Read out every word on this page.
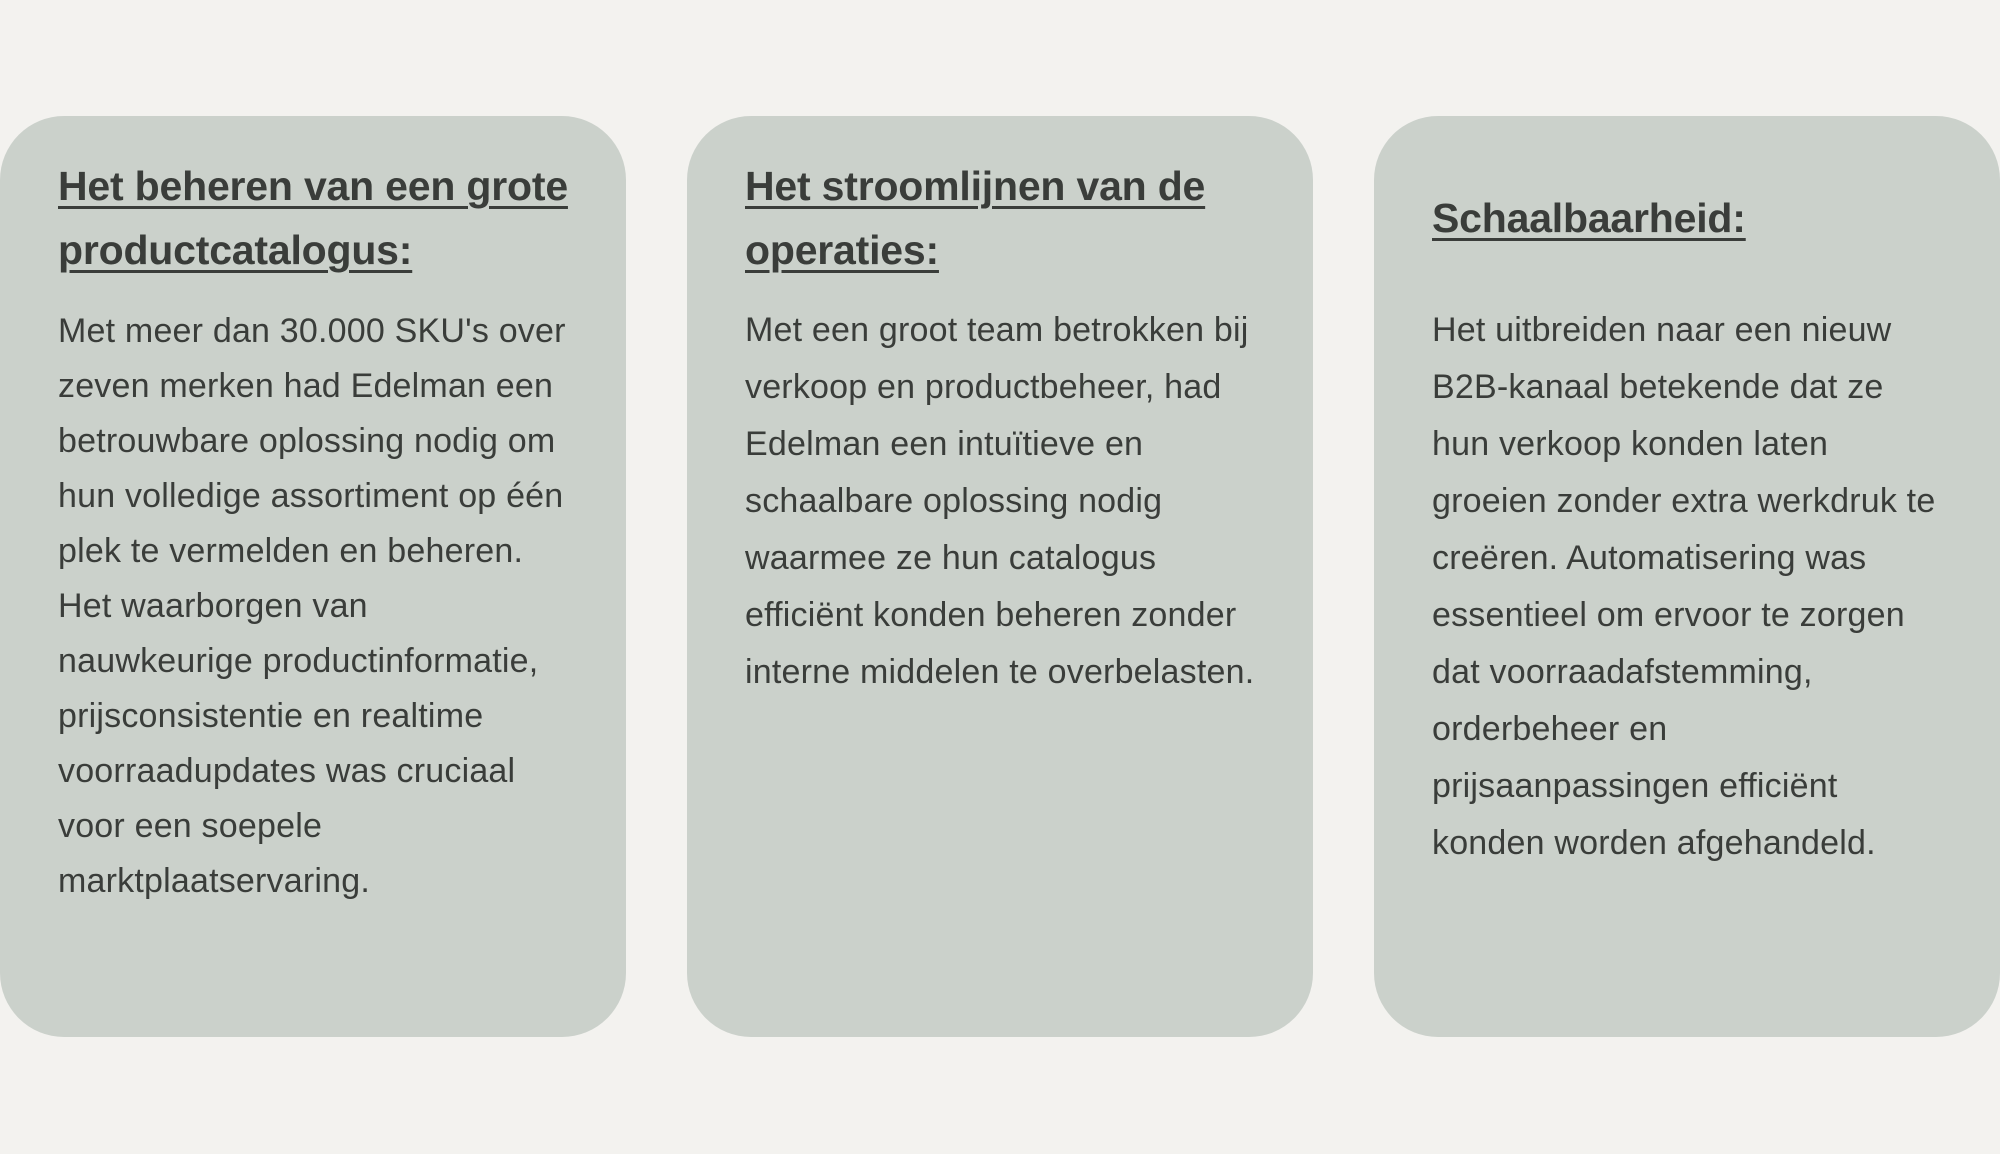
Het beheren van een grote productcatalogus:

Met meer dan 30.000 SKU's over zeven merken had Edelman een betrouwbare oplossing nodig om hun volledige assortiment op één plek te vermelden en beheren. Het waarborgen van nauwkeurige productinformatie, prijsconsistentie en realtime voorraadupdates was cruciaal voor een soepele marktplaatservaring.

Het stroomlijnen van de operaties:

Met een groot team betrokken bij verkoop en productbeheer, had Edelman een intuïtieve en schaalbare oplossing nodig waarmee ze hun catalogus efficiënt konden beheren zonder interne middelen te overbelasten.

Schaalbaarheid:

Het uitbreiden naar een nieuw B2B-kanaal betekende dat ze hun verkoop konden laten groeien zonder extra werkdruk te creëren. Automatisering was essentieel om ervoor te zorgen dat voorraadafstemming, orderbeheer en prijsaanpassingen efficiënt konden worden afgehandeld.
